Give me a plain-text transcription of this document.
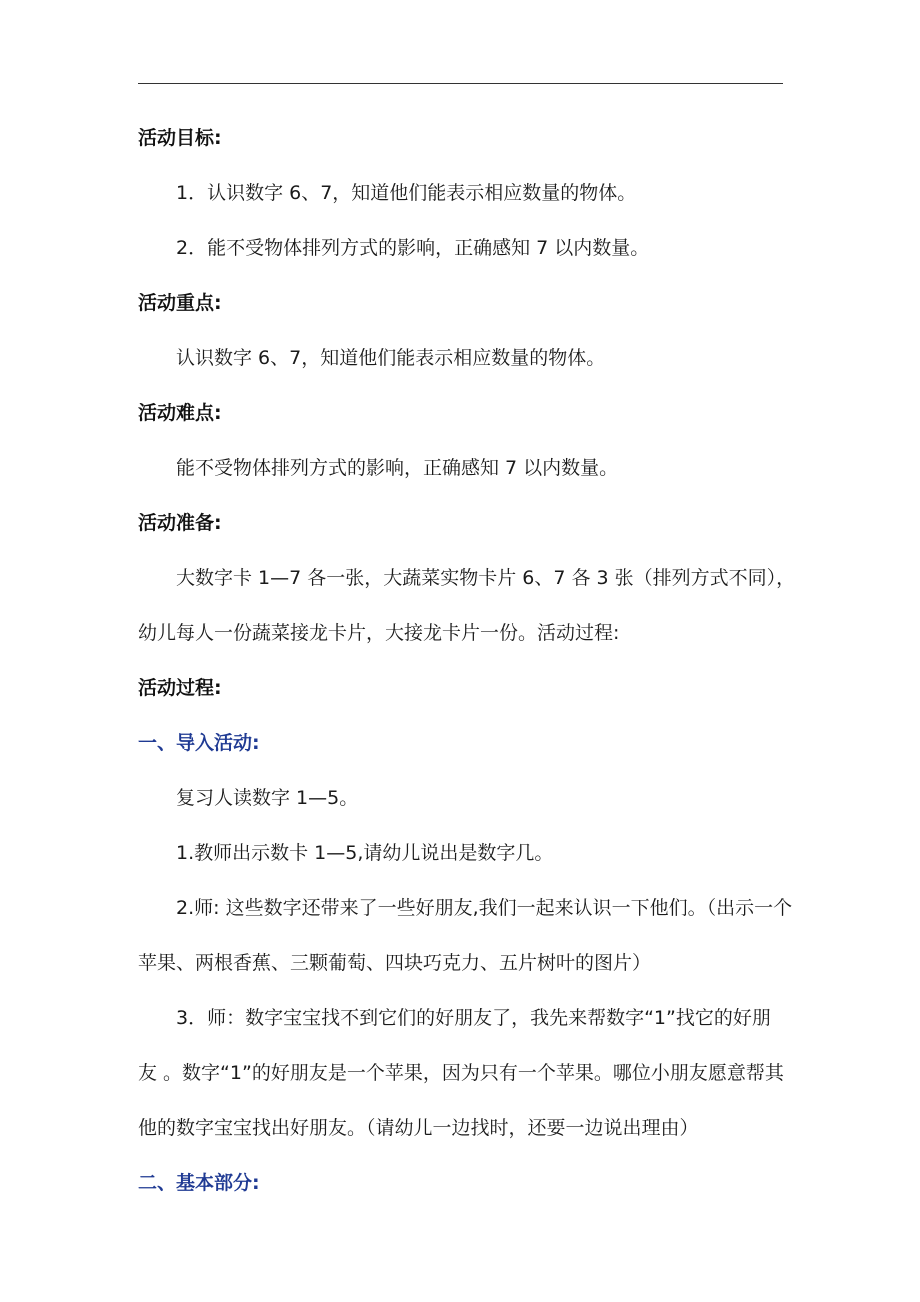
活动目标:
1．认识数字 6、7，知道他们能表示相应数量的物体。
2．能不受物体排列方式的影响，正确感知 7 以内数量。
活动重点:
认识数字 6、7，知道他们能表示相应数量的物体。
活动难点:
能不受物体排列方式的影响，正确感知 7 以内数量。
活动准备:
大数字卡 1—7 各一张，大蔬菜实物卡片 6、7 各 3 张（排列方式不同），
幼儿每人一份蔬菜接龙卡片，大接龙卡片一份。活动过程:
活动过程:
一、导入活动:
复习人读数字 1—5。
1.教师出示数卡 1—5,请幼儿说出是数字几。
2.师: 这些数字还带来了一些好朋友,我们一起来认识一下他们。（出示一个
苹果、两根香蕉、三颗葡萄、四块巧克力、五片树叶的图片）
3．师：数字宝宝找不到它们的好朋友了，我先来帮数字“1”找它的好朋
友 。数字“1”的好朋友是一个苹果，因为只有一个苹果。哪位小朋友愿意帮其
他的数字宝宝找出好朋友。（请幼儿一边找时，还要一边说出理由）
二、基本部分:
